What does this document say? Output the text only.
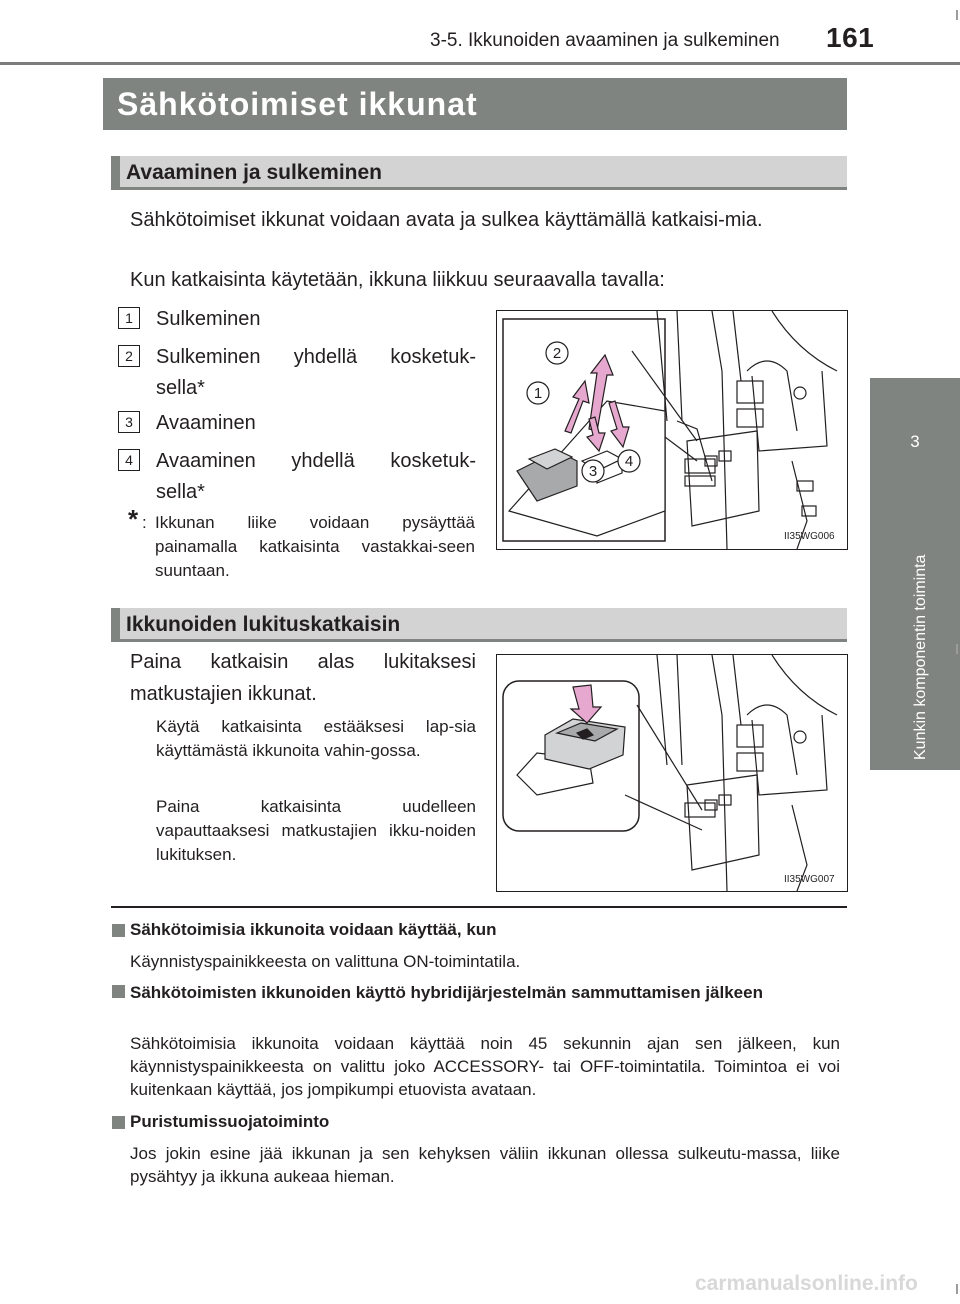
3-5. Ikkunoiden avaaminen ja sulkeminen 161
3
Kunkin komponentin toiminta
Sähkötoimiset ikkunat
Avaaminen ja sulkeminen
Sähkötoimiset ikkunat voidaan avata ja sulkea käyttämällä katkaisi-mia.
Kun katkaisinta käytetään, ikkuna liikkuu seuraavalla tavalla:
1	Sulkeminen
2	Sulkeminen yhdellä kosketuk-
sella*
3	Avaaminen
4	Avaaminen yhdellä kosketuk-
sella*
* : Ikkunan liike voidaan pysäyttää painamalla katkaisinta vastakkai-seen suuntaan.
2
1
3
4
II35WG006
Ikkunoiden lukituskatkaisin
Paina katkaisin alas lukitaksesi matkustajien ikkunat.
Käytä katkaisinta estääksesi lap-sia käyttämästä ikkunoita vahin-gossa.
Paina katkaisinta uudelleen vapauttaaksesi matkustajien ikku-noiden lukituksen.
II35WG007
Sähkötoimisia ikkunoita voidaan käyttää, kun
Käynnistyspainikkeesta on valittuna ON-toimintatila.
Sähkötoimisten ikkunoiden käyttö hybridijärjestelmän sammuttamisen jälkeen
Sähkötoimisia ikkunoita voidaan käyttää noin 45 sekunnin ajan sen jälkeen, kun käynnistyspainikkeesta on valittu joko ACCESSORY- tai OFF-toimintatila. Toimintoa ei voi kuitenkaan käyttää, jos jompikumpi etuovista avataan.
Puristumissuojatoiminto
Jos jokin esine jää ikkunan ja sen kehyksen väliin ikkunan ollessa sulkeutu-massa, liike pysähtyy ja ikkuna aukeaa hieman.
carmanualsonline.info
